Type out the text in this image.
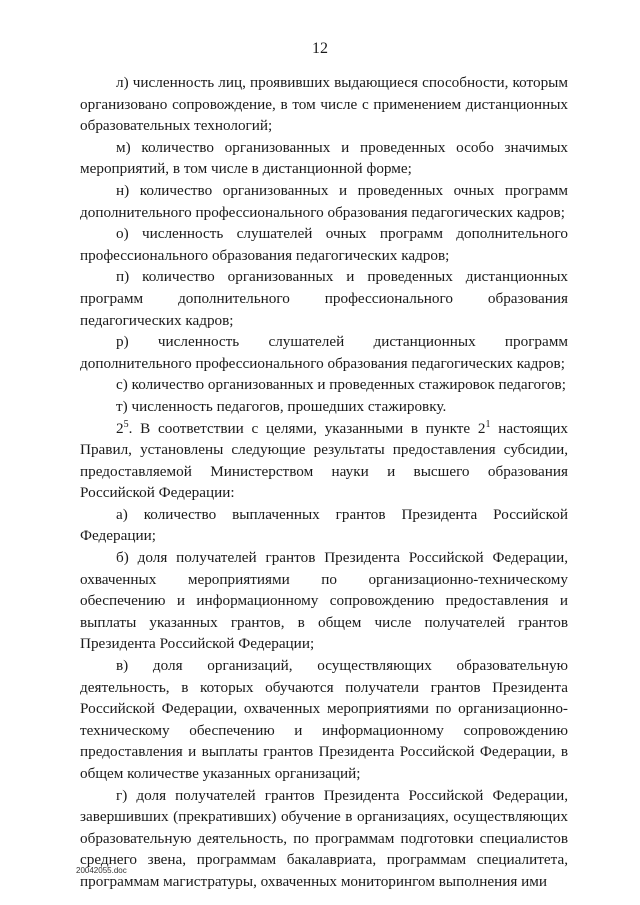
12

л) численность лиц, проявивших выдающиеся способности, которым организовано сопровождение, в том числе с применением дистанционных образовательных технологий;

м) количество организованных и проведенных особо значимых мероприятий, в том числе в дистанционной форме;

н) количество организованных и проведенных очных программ дополнительного профессионального образования педагогических кадров;

о) численность слушателей очных программ дополнительного профессионального образования педагогических кадров;

п) количество организованных и проведенных дистанционных программ дополнительного профессионального образования педагогических кадров;

р) численность слушателей дистанционных программ дополнительного профессионального образования педагогических кадров;

с) количество организованных и проведенных стажировок педагогов;

т) численность педагогов, прошедших стажировку.

$2^5$. В соответствии с целями, указанными в пункте $2^1$ настоящих Правил, установлены следующие результаты предоставления субсидии, предоставляемой Министерством науки и высшего образования Российской Федерации:

а) количество выплаченных грантов Президента Российской Федерации;

б) доля получателей грантов Президента Российской Федерации, охваченных мероприятиями по организационно-техническому обеспечению и информационному сопровождению предоставления и выплаты указанных грантов, в общем числе получателей грантов Президента Российской Федерации;

в) доля организаций, осуществляющих образовательную деятельность, в которых обучаются получатели грантов Президента Российской Федерации, охваченных мероприятиями по организационно-техническому обеспечению и информационному сопровождению предоставления и выплаты грантов Президента Российской Федерации, в общем количестве указанных организаций;

г) доля получателей грантов Президента Российской Федерации, завершивших (прекративших) обучение в организациях, осуществляющих образовательную деятельность, по программам подготовки специалистов среднего звена, программам бакалавриата, программам специалитета, программам магистратуры, охваченных мониторингом выполнения ими

20042055.doc
